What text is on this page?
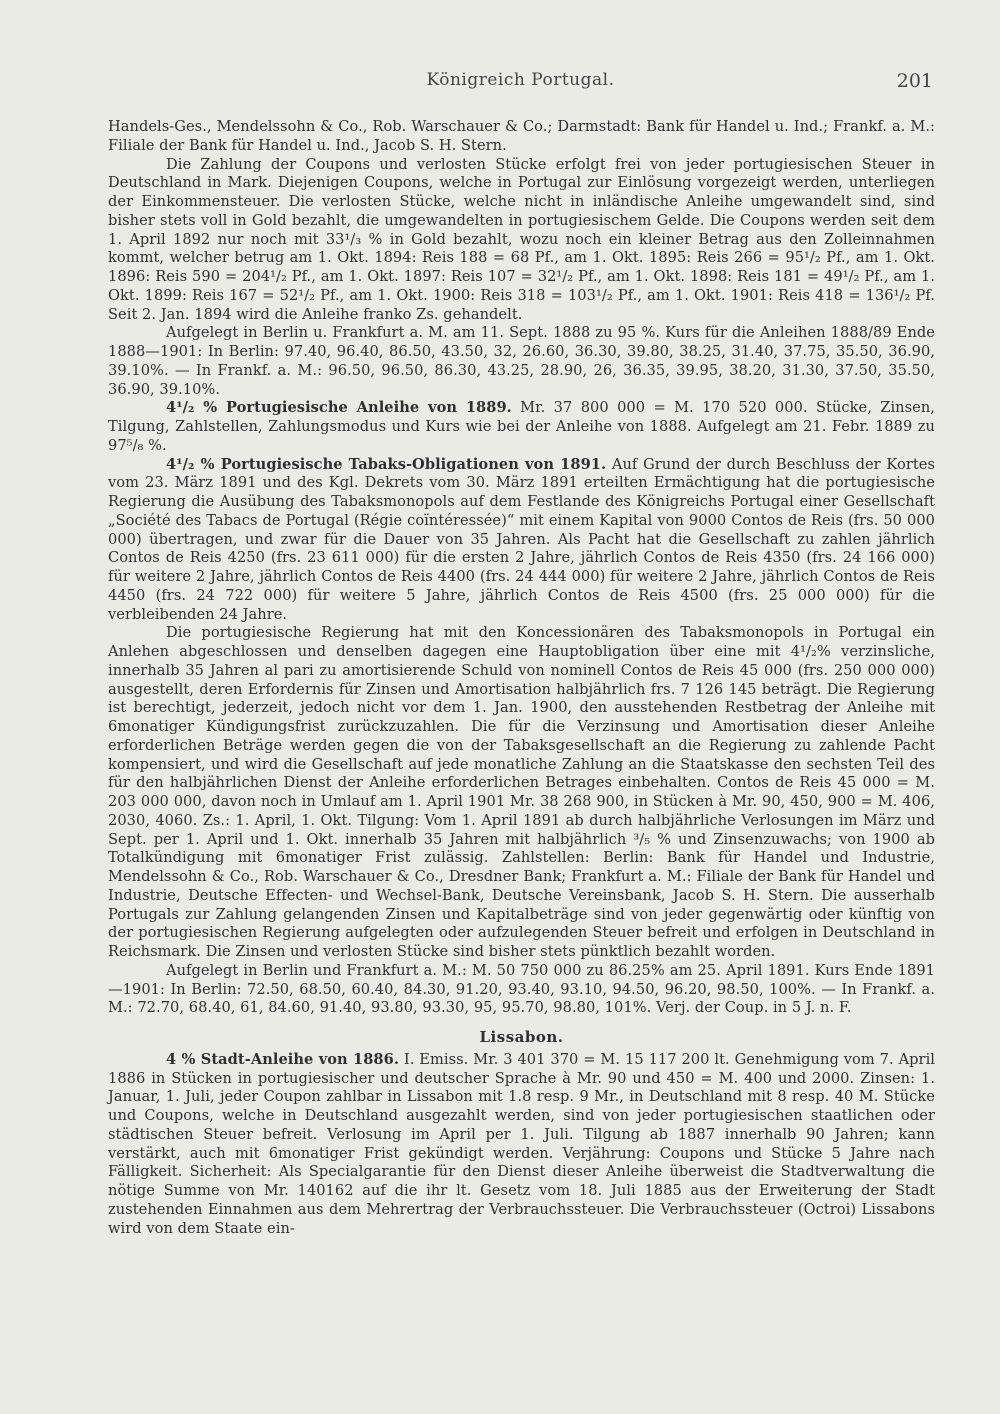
Königreich Portugal.	201

Handels-Ges., Mendelssohn & Co., Rob. Warschauer & Co.; Darmstadt: Bank für Handel u. Ind.; Frankf. a. M.: Filiale der Bank für Handel u. Ind., Jacob S. H. Stern.

Die Zahlung der Coupons und verlosten Stücke erfolgt frei von jeder portugiesischen Steuer in Deutschland in Mark. Diejenigen Coupons, welche in Portugal zur Einlösung vorgezeigt werden, unterliegen der Einkommensteuer. Die verlosten Stücke, welche nicht in inländische Anleihe umgewandelt sind, sind bisher stets voll in Gold bezahlt, die umgewandelten in portugiesischem Gelde. Die Coupons werden seit dem 1. April 1892 nur noch mit 33¹/₃ % in Gold bezahlt, wozu noch ein kleiner Betrag aus den Zolleinnahmen kommt, welcher betrug am 1. Okt. 1894: Reis 188 = 68 Pf., am 1. Okt. 1895: Reis 266 = 95¹/₂ Pf., am 1. Okt. 1896: Reis 590 = 204¹/₂ Pf., am 1. Okt. 1897: Reis 107 = 32¹/₂ Pf., am 1. Okt. 1898: Reis 181 = 49¹/₂ Pf., am 1. Okt. 1899: Reis 167 = 52¹/₂ Pf., am 1. Okt. 1900: Reis 318 = 103¹/₂ Pf., am 1. Okt. 1901: Reis 418 = 136¹/₂ Pf. Seit 2. Jan. 1894 wird die Anleihe franko Zs. gehandelt.

Aufgelegt in Berlin u. Frankfurt a. M. am 11. Sept. 1888 zu 95 %. Kurs für die Anleihen 1888/89 Ende 1888—1901: In Berlin: 97.40, 96.40, 86.50, 43.50, 32, 26.60, 36.30, 39.80, 38.25, 31.40, 37.75, 35.50, 36.90, 39.10%. — In Frankf. a. M.: 96.50, 96.50, 86.30, 43.25, 28.90, 26, 36.35, 39.95, 38.20, 31.30, 37.50, 35.50, 36.90, 39.10%.

4¹/₂ % Portugiesische Anleihe von 1889. Mr. 37 800 000 = M. 170 520 000. Stücke, Zinsen, Tilgung, Zahlstellen, Zahlungsmodus und Kurs wie bei der Anleihe von 1888. Aufgelegt am 21. Febr. 1889 zu 97⁵/₈ %.

4¹/₂ % Portugiesische Tabaks-Obligationen von 1891. Auf Grund der durch Beschluss der Kortes vom 23. März 1891 und des Kgl. Dekrets vom 30. März 1891 erteilten Ermächtigung hat die portugiesische Regierung die Ausübung des Tabaksmonopols auf dem Festlande des Königreichs Portugal einer Gesellschaft „Société des Tabacs de Portugal (Régie coïntéressée)“ mit einem Kapital von 9000 Contos de Reis (frs. 50 000 000) übertragen, und zwar für die Dauer von 35 Jahren. Als Pacht hat die Gesellschaft zu zahlen jährlich Contos de Reis 4250 (frs. 23 611 000) für die ersten 2 Jahre, jährlich Contos de Reis 4350 (frs. 24 166 000) für weitere 2 Jahre, jährlich Contos de Reis 4400 (frs. 24 444 000) für weitere 2 Jahre, jährlich Contos de Reis 4450 (frs. 24 722 000) für weitere 5 Jahre, jährlich Contos de Reis 4500 (frs. 25 000 000) für die verbleibenden 24 Jahre.

Die portugiesische Regierung hat mit den Koncessionären des Tabaksmonopols in Portugal ein Anlehen abgeschlossen und denselben dagegen eine Hauptobligation über eine mit 4¹/₂% verzinsliche, innerhalb 35 Jahren al pari zu amortisierende Schuld von nominell Contos de Reis 45 000 (frs. 250 000 000) ausgestellt, deren Erfordernis für Zinsen und Amortisation halbjährlich frs. 7 126 145 beträgt. Die Regierung ist berechtigt, jederzeit, jedoch nicht vor dem 1. Jan. 1900, den ausstehenden Restbetrag der Anleihe mit 6monatiger Kündigungsfrist zurückzuzahlen. Die für die Verzinsung und Amortisation dieser Anleihe erforderlichen Beträge werden gegen die von der Tabaksgesellschaft an die Regierung zu zahlende Pacht kompensiert, und wird die Gesellschaft auf jede monatliche Zahlung an die Staatskasse den sechsten Teil des für den halbjährlichen Dienst der Anleihe erforderlichen Betrages einbehalten. Contos de Reis 45 000 = M. 203 000 000, davon noch in Umlauf am 1. April 1901 Mr. 38 268 900, in Stücken à Mr. 90, 450, 900 = M. 406, 2030, 4060. Zs.: 1. April, 1. Okt. Tilgung: Vom 1. April 1891 ab durch halbjährliche Verlosungen im März und Sept. per 1. April und 1. Okt. innerhalb 35 Jahren mit halbjährlich ³/₅ % und Zinsenzuwachs; von 1900 ab Totalkündigung mit 6monatiger Frist zulässig. Zahlstellen: Berlin: Bank für Handel und Industrie, Mendelssohn & Co., Rob. Warschauer & Co., Dresdner Bank; Frankfurt a. M.: Filiale der Bank für Handel und Industrie, Deutsche Effecten- und Wechsel-Bank, Deutsche Vereinsbank, Jacob S. H. Stern. Die ausserhalb Portugals zur Zahlung gelangenden Zinsen und Kapitalbeträge sind von jeder gegenwärtig oder künftig von der portugiesischen Regierung aufgelegten oder aufzulegenden Steuer befreit und erfolgen in Deutschland in Reichsmark. Die Zinsen und verlosten Stücke sind bisher stets pünktlich bezahlt worden.

Aufgelegt in Berlin und Frankfurt a. M.: M. 50 750 000 zu 86.25% am 25. April 1891. Kurs Ende 1891—1901: In Berlin: 72.50, 68.50, 60.40, 84.30, 91.20, 93.40, 93.10, 94.50, 96.20, 98.50, 100%. — In Frankf. a. M.: 72.70, 68.40, 61, 84.60, 91.40, 93.80, 93.30, 95, 95.70, 98.80, 101%. Verj. der Coup. in 5 J. n. F.

Lissabon.

4 % Stadt-Anleihe von 1886. I. Emiss. Mr. 3 401 370 = M. 15 117 200 lt. Genehmigung vom 7. April 1886 in Stücken in portugiesischer und deutscher Sprache à Mr. 90 und 450 = M. 400 und 2000. Zinsen: 1. Januar, 1. Juli, jeder Coupon zahlbar in Lissabon mit 1.8 resp. 9 Mr., in Deutschland mit 8 resp. 40 M. Stücke und Coupons, welche in Deutschland ausgezahlt werden, sind von jeder portugiesischen staatlichen oder städtischen Steuer befreit. Verlosung im April per 1. Juli. Tilgung ab 1887 innerhalb 90 Jahren; kann verstärkt, auch mit 6monatiger Frist gekündigt werden. Verjährung: Coupons und Stücke 5 Jahre nach Fälligkeit. Sicherheit: Als Specialgarantie für den Dienst dieser Anleihe überweist die Stadtverwaltung die nötige Summe von Mr. 140162 auf die ihr lt. Gesetz vom 18. Juli 1885 aus der Erweiterung der Stadt zustehenden Einnahmen aus dem Mehrertrag der Verbrauchssteuer. Die Verbrauchssteuer (Octroi) Lissabons wird von dem Staate ein-
